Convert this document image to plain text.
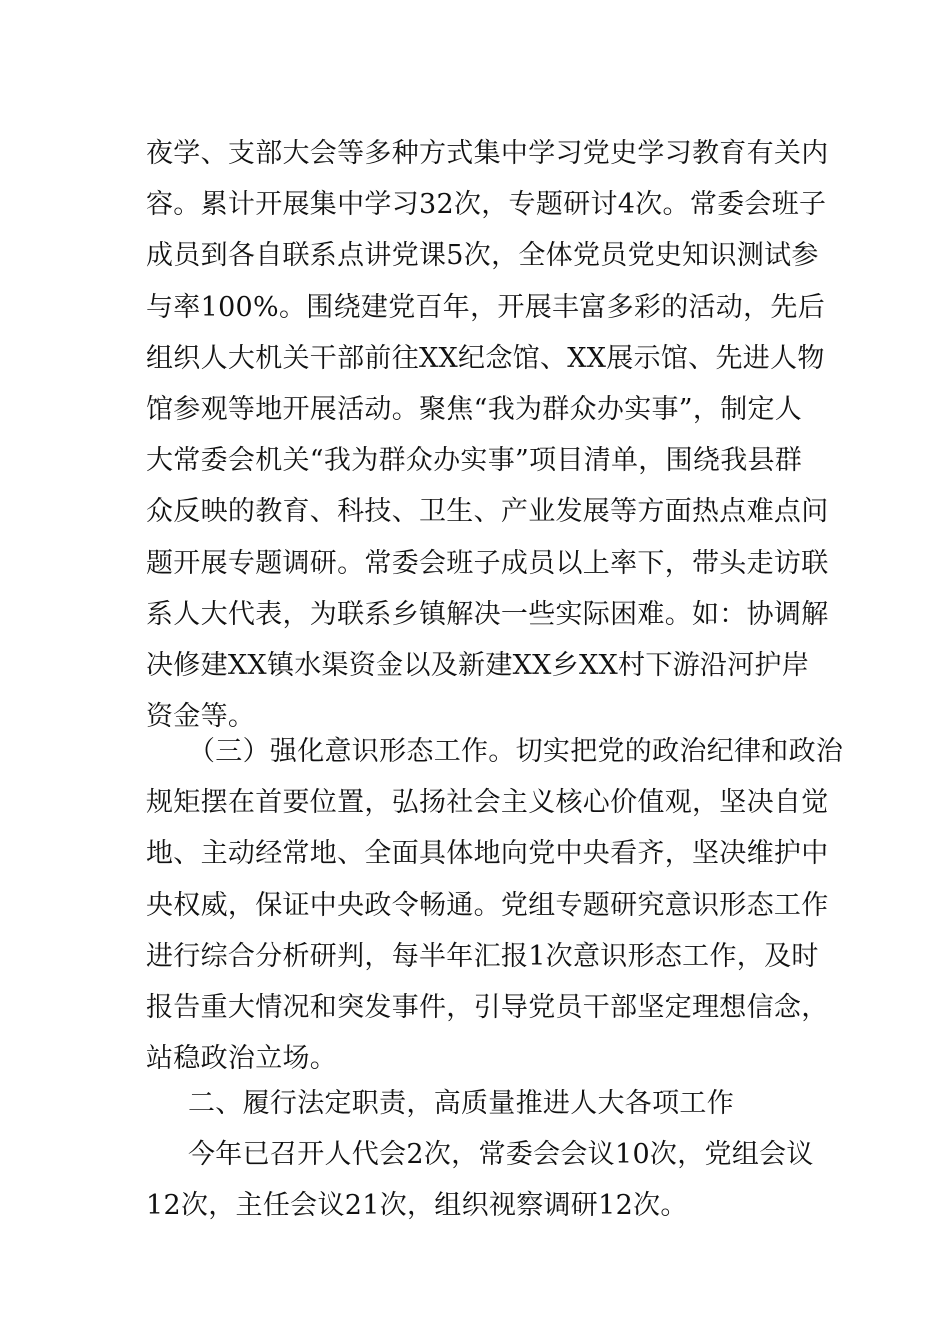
夜学、支部大会等多种方式集中学习党史学习教育有关内
容。累计开展集中学习32次，专题研讨4次。常委会班子
成员到各自联系点讲党课5次，全体党员党史知识测试参
与率100%。围绕建党百年，开展丰富多彩的活动，先后
组织人大机关干部前往XX纪念馆、XX展示馆、先进人物
馆参观等地开展活动。聚焦“我为群众办实事”，制定人
大常委会机关“我为群众办实事”项目清单，围绕我县群
众反映的教育、科技、卫生、产业发展等方面热点难点问
题开展专题调研。常委会班子成员以上率下，带头走访联
系人大代表，为联系乡镇解决一些实际困难。如：协调解
决修建XX镇水渠资金以及新建XX乡XX村下游沿河护岸
资金等。
（三）强化意识形态工作。切实把党的政治纪律和政治
规矩摆在首要位置，弘扬社会主义核心价值观，坚决自觉
地、主动经常地、全面具体地向党中央看齐，坚决维护中
央权威，保证中央政令畅通。党组专题研究意识形态工作
进行综合分析研判，每半年汇报1次意识形态工作，及时
报告重大情况和突发事件，引导党员干部坚定理想信念，
站稳政治立场。
二、履行法定职责，高质量推进人大各项工作
今年已召开人代会2次，常委会会议10次，党组会议
12次，主任会议21次，组织视察调研12次。
